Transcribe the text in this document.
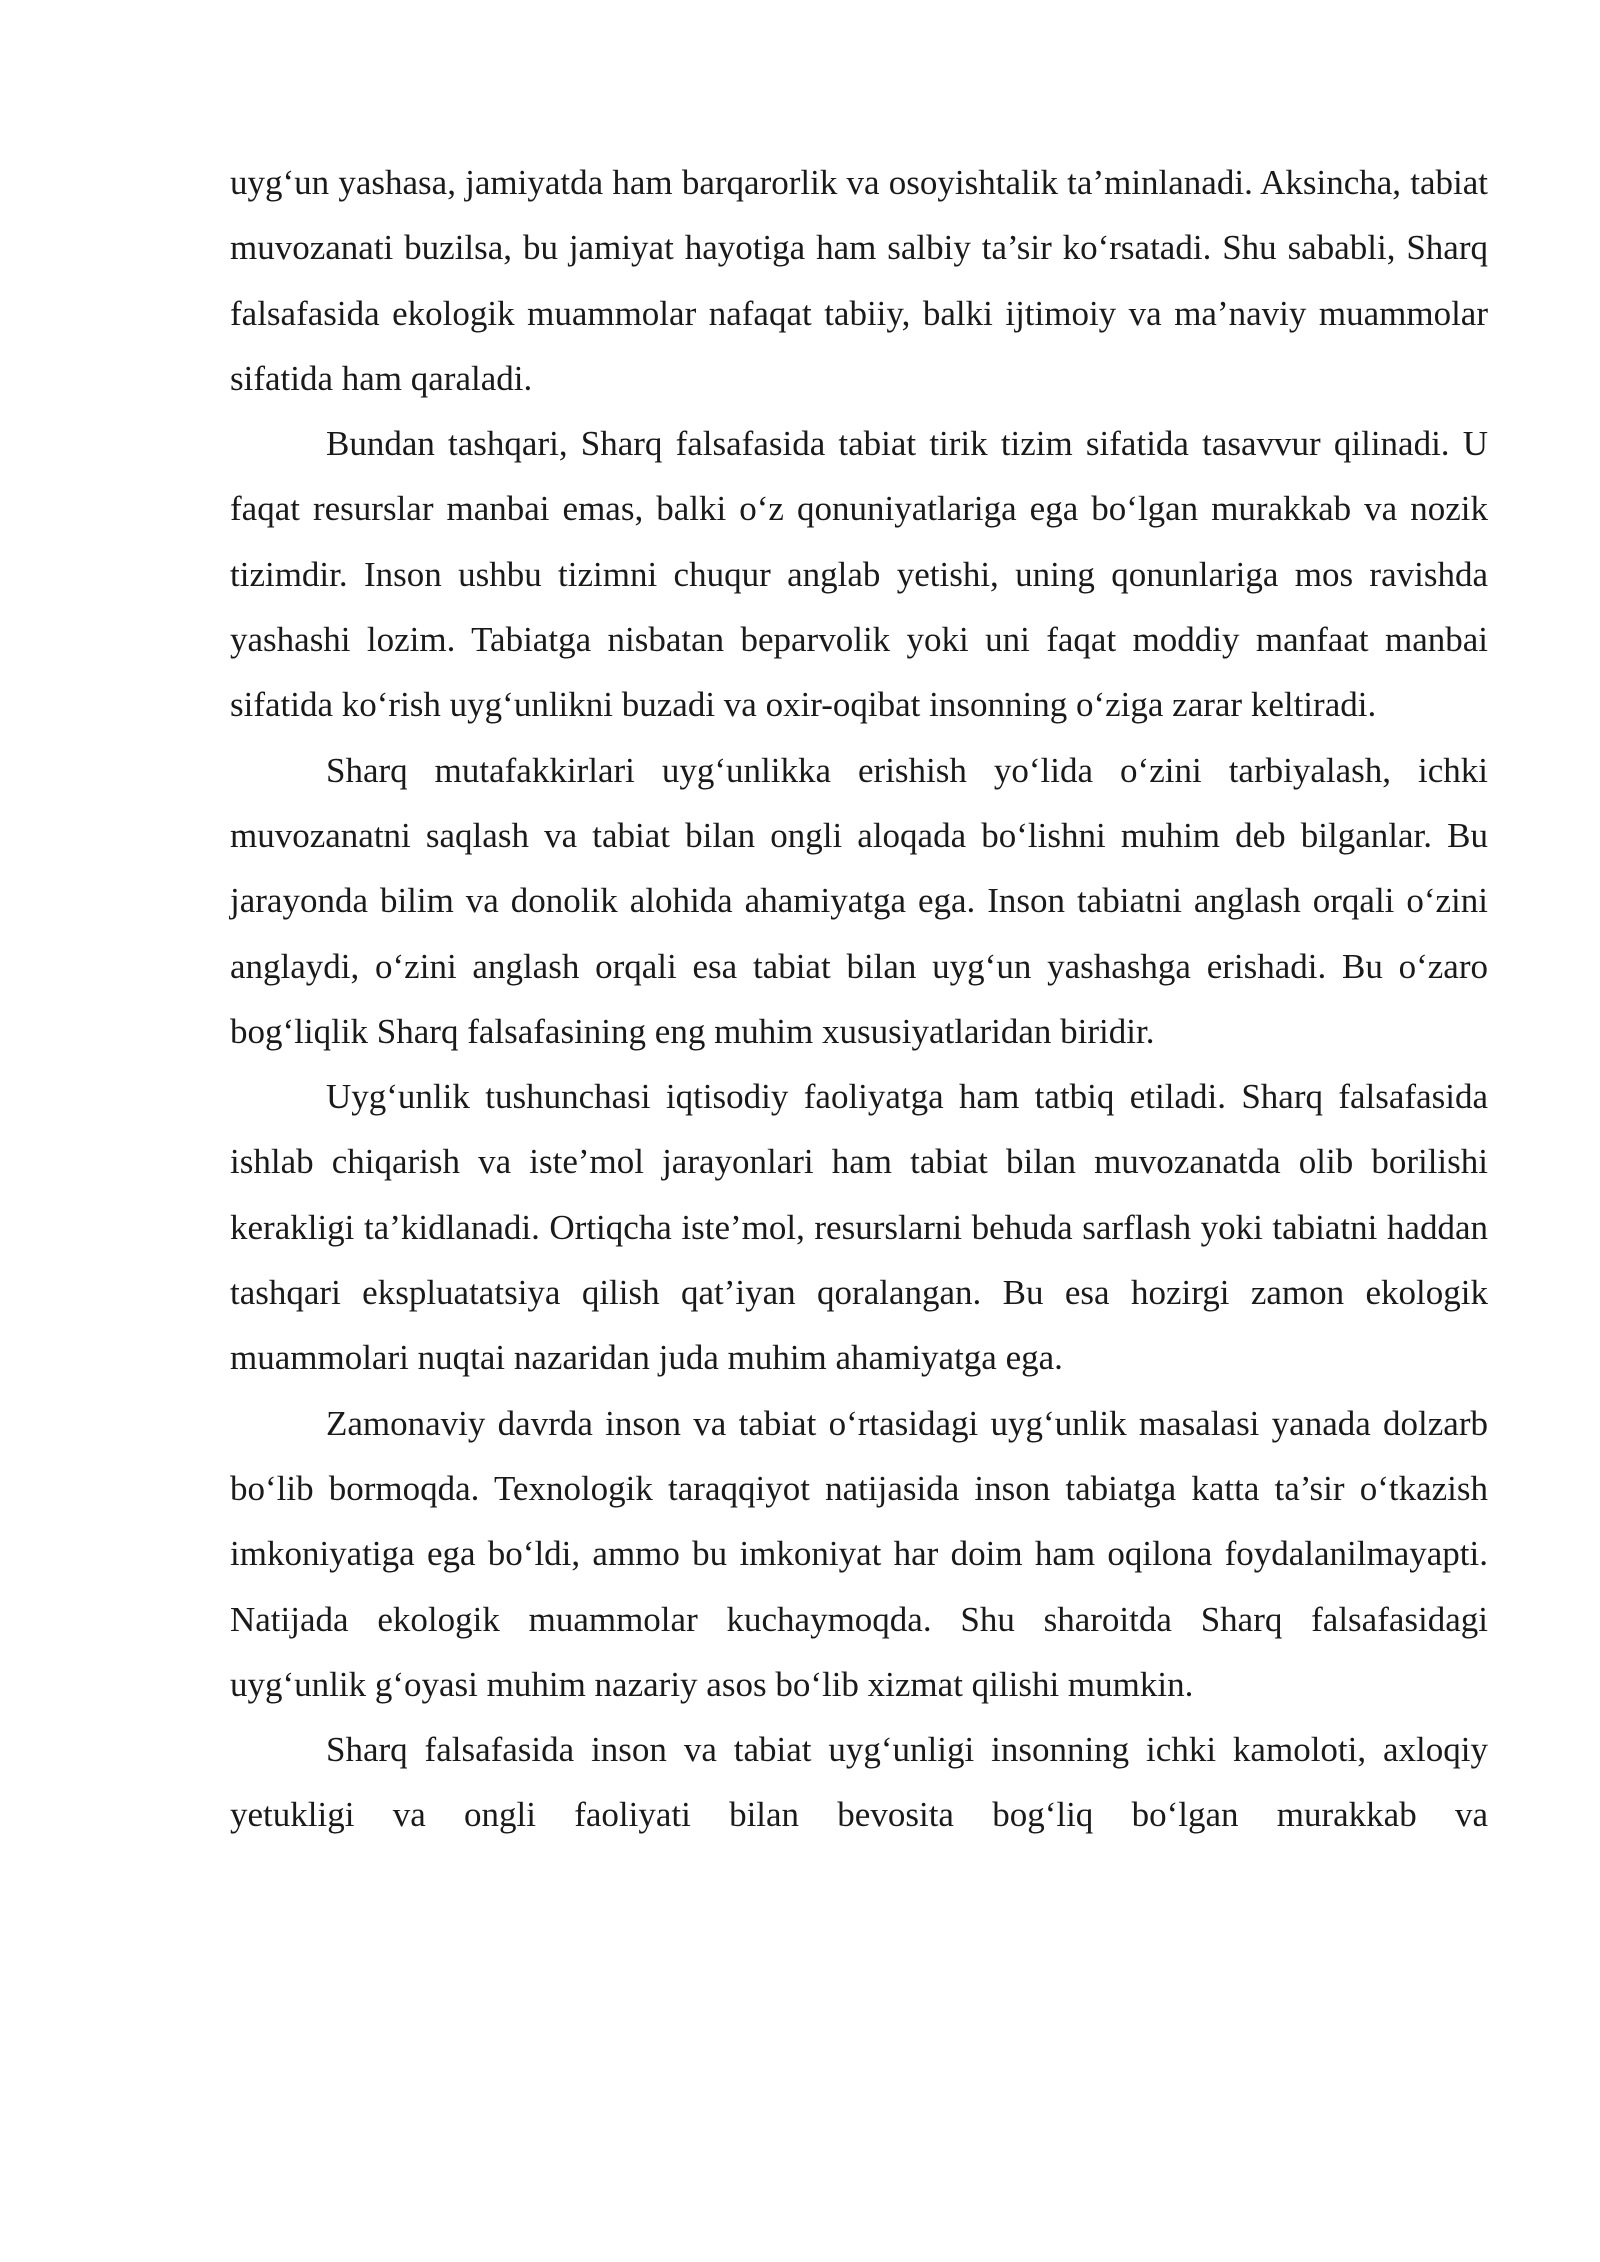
uyg‘un yashasa, jamiyatda ham barqarorlik va osoyishtalik ta’minlanadi. Aksincha, tabiat muvozanati buzilsa, bu jamiyat hayotiga ham salbiy ta’sir ko‘rsatadi. Shu sababli, Sharq falsafasida ekologik muammolar nafaqat tabiiy, balki ijtimoiy va ma’naviy muammolar sifatida ham qaraladi.

Bundan tashqari, Sharq falsafasida tabiat tirik tizim sifatida tasavvur qilinadi. U faqat resurslar manbai emas, balki o‘z qonuniyatlariga ega bo‘lgan murakkab va nozik tizimdir. Inson ushbu tizimni chuqur anglab yetishi, uning qonunlariga mos ravishda yashashi lozim. Tabiatga nisbatan beparvolik yoki uni faqat moddiy manfaat manbai sifatida ko‘rish uyg‘unlikni buzadi va oxir-oqibat insonning o‘ziga zarar keltiradi.

Sharq mutafakkirlari uyg‘unlikka erishish yo‘lida o‘zini tarbiyalash, ichki muvozanatni saqlash va tabiat bilan ongli aloqada bo‘lishni muhim deb bilganlar. Bu jarayonda bilim va donolik alohida ahamiyatga ega. Inson tabiatni anglash orqali o‘zini anglaydi, o‘zini anglash orqali esa tabiat bilan uyg‘un yashashga erishadi. Bu o‘zaro bog‘liqlik Sharq falsafasining eng muhim xususiyatlaridan biridir.

Uyg‘unlik tushunchasi iqtisodiy faoliyatga ham tatbiq etiladi. Sharq falsafasida ishlab chiqarish va iste’mol jarayonlari ham tabiat bilan muvozanatda olib borilishi kerakligi ta’kidlanadi. Ortiqcha iste’mol, resurslarni behuda sarflash yoki tabiatni haddan tashqari ekspluatatsiya qilish qat’iyan qoralangan. Bu esa hozirgi zamon ekologik muammolari nuqtai nazaridan juda muhim ahamiyatga ega.

Zamonaviy davrda inson va tabiat o‘rtasidagi uyg‘unlik masalasi yanada dolzarb bo‘lib bormoqda. Texnologik taraqqiyot natijasida inson tabiatga katta ta’sir o‘tkazish imkoniyatiga ega bo‘ldi, ammo bu imkoniyat har doim ham oqilona foydalanilmayapti. Natijada ekologik muammolar kuchaymoqda. Shu sharoitda Sharq falsafasidagi uyg‘unlik g‘oyasi muhim nazariy asos bo‘lib xizmat qilishi mumkin.

Sharq falsafasida inson va tabiat uyg‘unligi insonning ichki kamoloti, axloqiy yetukligi va ongli faoliyati bilan bevosita bog‘liq bo‘lgan murakkab va
